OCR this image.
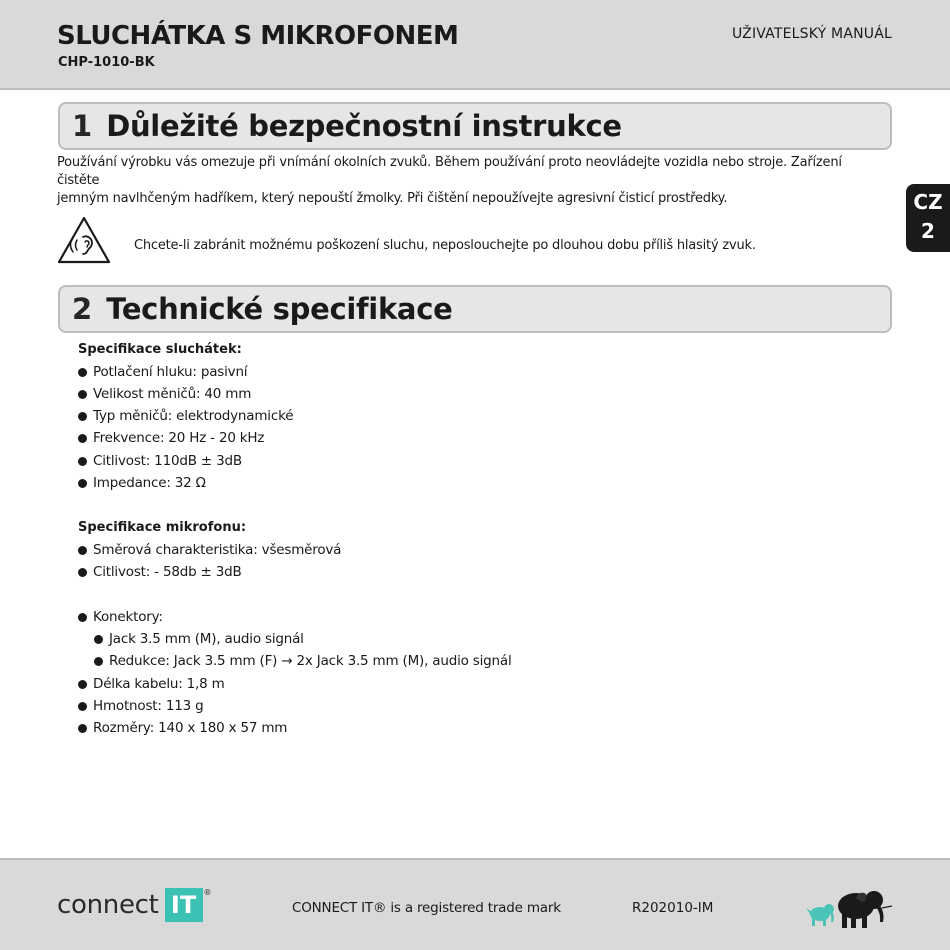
SLUCHÁTKA S MIKROFONEM
CHP-1010-BK
UŽIVATELSKÝ MANUÁL
CZ
2
1 Důležité bezpečnostní instrukce
Používání výrobku vás omezuje při vnímání okolních zvuků. Během používání proto neovládejte vozidla nebo stroje. Zařízení čistěte
jemným navlhčeným hadříkem, který nepouští žmolky. Při čištění nepoužívejte agresivní čisticí prostředky.
Chcete-li zabránit možnému poškození sluchu, neposlouchejte po dlouhou dobu příliš hlasitý zvuk.
2 Technické specifikace
Specifikace sluchátek:
Potlačení hluku: pasivní
Velikost měničů: 40 mm
Typ měničů: elektrodynamické
Frekvence: 20 Hz - 20 kHz
Citlivost: 110dB ± 3dB
Impedance: 32 Ω
Specifikace mikrofonu:
Směrová charakteristika: všesměrová
Citlivost: - 58db ± 3dB
Konektory:
Jack 3.5 mm (M), audio signál
Redukce: Jack 3.5 mm (F) → 2x Jack 3.5 mm (M), audio signál
Délka kabelu: 1,8 m
Hmotnost: 113 g
Rozměry: 140 x 180 x 57 mm
connect IT ®
CONNECT IT® is a registered trade mark	R202010-IM
